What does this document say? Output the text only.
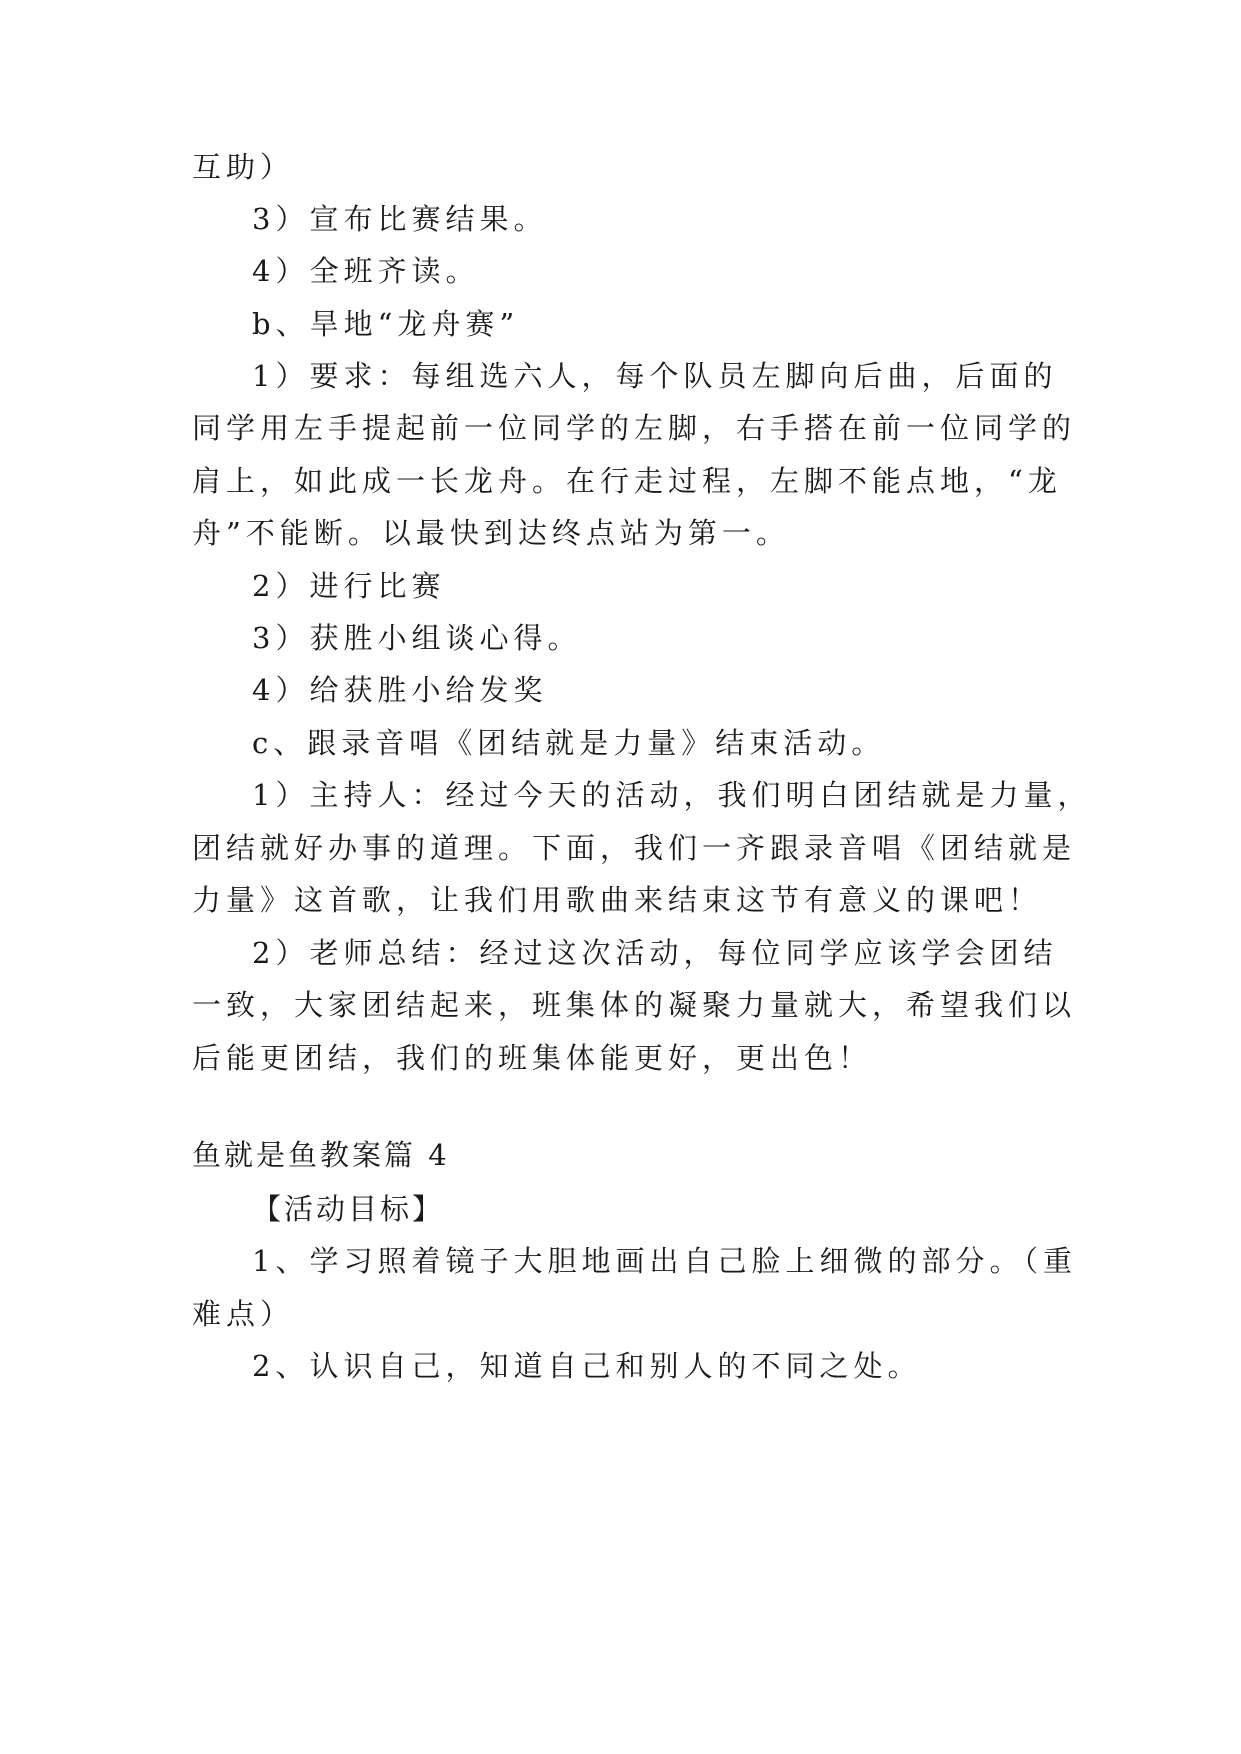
互助）
3）宣布比赛结果。
4）全班齐读。
b、旱地“龙舟赛”
1）要求：每组选六人，每个队员左脚向后曲，后面的
同学用左手提起前一位同学的左脚，右手搭在前一位同学的
肩上，如此成一长龙舟。在行走过程，左脚不能点地，“龙
舟”不能断。以最快到达终点站为第一。
2）进行比赛
3）获胜小组谈心得。
4）给获胜小给发奖
c、跟录音唱《团结就是力量》结束活动。
1）主持人：经过今天的活动，我们明白团结就是力量，
团结就好办事的道理。下面，我们一齐跟录音唱《团结就是
力量》这首歌，让我们用歌曲来结束这节有意义的课吧！
2）老师总结：经过这次活动，每位同学应该学会团结
一致，大家团结起来，班集体的凝聚力量就大，希望我们以
后能更团结，我们的班集体能更好，更出色！
鱼就是鱼教案篇 4
【活动目标】
1、学习照着镜子大胆地画出自己脸上细微的部分。（重
难点）
2、认识自己，知道自己和别人的不同之处。
